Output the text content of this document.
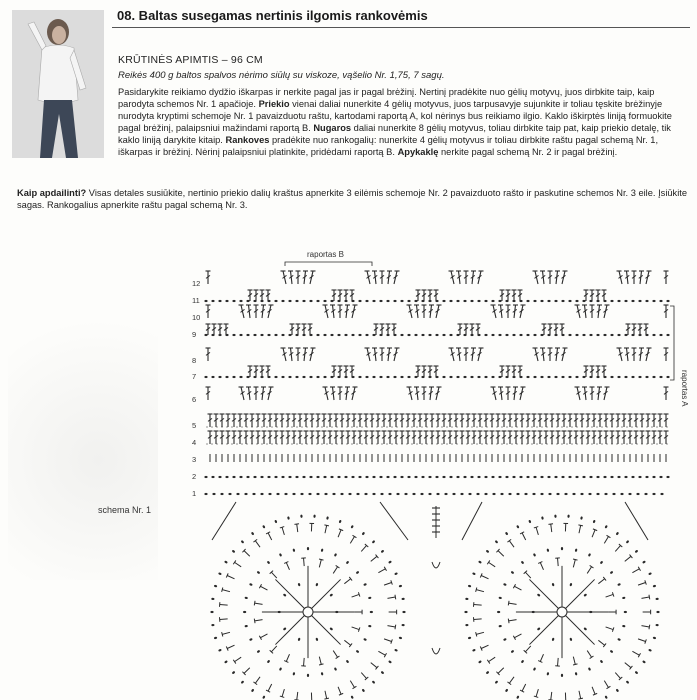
08. Baltas susegamas nertinis ilgomis rankovėmis
KRŪTINĖS APIMTIS – 96 CM
Reikės 400 g baltos spalvos nėrimo siūlų su viskoze, vąšelio Nr. 1,75, 7 sagų.
Pasidarykite reikiamo dydžio iškarpas ir nerkite pagal jas ir pagal brėžinį. Nertinį pradėkite nuo gėlių motyvų, juos dirbkite taip, kaip parodyta schemos Nr. 1 apačioje. Priekio vienai daliai nunerkite 4 gėlių motyvus, juos tarpusavyje sujunkite ir toliau tęskite brėžinyje nurodyta kryptimi schemoje Nr. 1 pavaizduotu raštu, kartodami raportą A, kol nėrinys bus reikiamo ilgio. Kaklo iškirptės liniją formuokite pagal brėžinį, palaipsniui mažindami raportą B. Nugaros daliai nunerkite 8 gėlių motyvus, toliau dirbkite taip pat, kaip priekio detalę, tik kaklo liniją darykite kitaip. Rankoves pradėkite nuo rankogalių: nunerkite 4 gėlių motyvus ir toliau dirbkite raštu pagal schemą Nr. 1, iškarpas ir brėžinį. Nėrinį palaipsniui platinkite, pridėdami raportą B. Apykaklę nerkite pagal schemą Nr. 2 ir pagal brėžinį.
Kaip apdailinti? Visas detales susiūkite, nertinio priekio dalių kraštus apnerkite 3 eilėmis schemoje Nr. 2 pavaizduoto rašto ir paskutine schemos Nr. 3 eile. Įsiūkite sagas. Rankogalius apnerkite raštu pagal schemą Nr. 3.
raportas B
schema Nr. 1
raportas A
12
11
10
9
8
7
6
5
4
3
2
1
